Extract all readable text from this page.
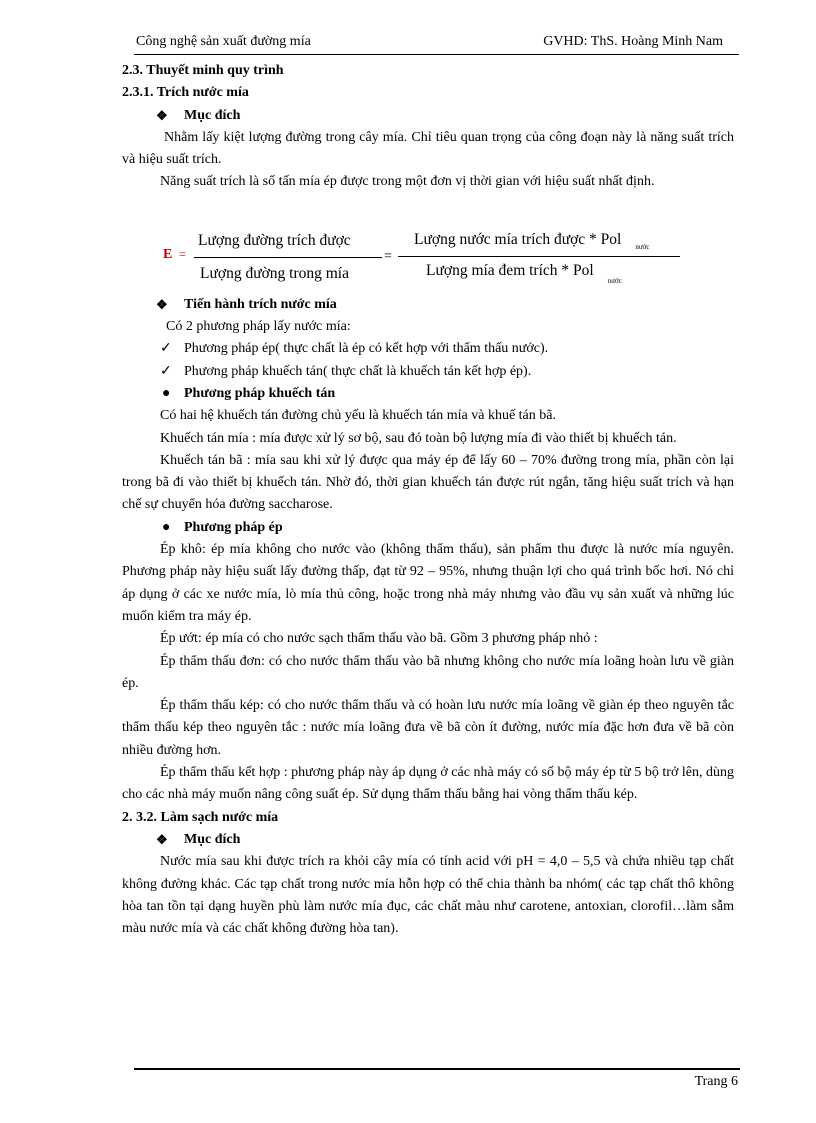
Công nghệ sản xuất đường mía	GVHD: ThS. Hoàng Minh Nam

2.3. Thuyết minh quy trình

2.3.1. Trích nước mía

❖ Mục đích

Nhằm lấy kiệt lượng đường trong cây mía. Chỉ tiêu quan trọng của công đoạn này là năng suất trích và hiệu suất trích.

Năng suất trích là số tấn mía ép được trong một đơn vị thời gian với hiệu suất nhất định.

E =
Lượng đường trích được
Lượng đường trong mía
=
Lượng nước mía trích được * Pol $_{nước}$
Lượng mía đem trích * Pol$_{nước}$

❖ Tiến hành trích nước mía

Có 2 phương pháp lấy nước mía:

✓ Phương pháp ép( thực chất là ép có kết hợp với thẩm thấu nước).

✓ Phương pháp khuếch tán( thực chất là khuếch tán kết hợp ép).

● Phương pháp khuếch tán

Có hai hệ khuếch tán đường chủ yếu là khuếch tán mía và khuế tán bã.

Khuếch tán mía : mía được xử lý sơ bộ, sau đó toàn bộ lượng mía đi vào thiết bị khuếch tán.

Khuếch tán bã : mía sau khi xử lý được qua máy ép để lấy 60 – 70% đường trong mía, phần còn lại trong bã đi vào thiết bị khuếch tán. Nhờ đó, thời gian khuếch tán được rút ngắn, tăng hiệu suất trích và hạn chế sự chuyển hóa đường saccharose.

● Phương pháp ép

Ép khô: ép mía không cho nước vào (không thẩm thấu), sản phẩm thu được là nước mía nguyên. Phương pháp này hiệu suất lấy đường thấp, đạt từ 92 – 95%, nhưng thuận lợi cho quá trình bốc hơi. Nó chỉ áp dụng ở các xe nước mía, lò mía thủ công, hoặc trong nhà máy nhưng vào đầu vụ sản xuất và những lúc muốn kiểm tra máy ép.

Ép ướt: ép mía có cho nước sạch thẩm thấu vào bã. Gồm 3 phương pháp nhỏ :

Ép thẩm thấu đơn: có cho nước thẩm thấu vào bã nhưng không cho nước mía loãng hoàn lưu về giàn ép.

Ép thẩm thấu kép: có cho nước thẩm thấu và có hoàn lưu nước mía loãng về giàn ép theo nguyên tắc thẩm thấu kép theo nguyên tắc : nước mía loãng đưa về bã còn ít đường, nước mía đặc hơn đưa về bã còn nhiều đường hơn.

Ép thẩm thấu kết hợp : phương pháp này áp dụng ở các nhà máy có số bộ máy ép từ 5 bộ trở lên, dùng cho các nhà máy muốn nâng công suất ép. Sử dụng thẩm thấu bằng hai vòng thẩm thấu kép.

2. 3.2. Làm sạch nước mía

❖ Mục đích

Nước mía sau khi được trích ra khỏi cây mía có tính acid với pH = 4,0 – 5,5 và chứa nhiều tạp chất không đường khác. Các tạp chất trong nước mía hỗn hợp có thể chia thành ba nhóm( các tạp chất thô không hòa tan tồn tại dạng huyền phù làm nước mía đục, các chất màu như carotene, antoxian, clorofil…làm sẫm màu nước mía và các chất không đường hòa tan).

Trang 6
